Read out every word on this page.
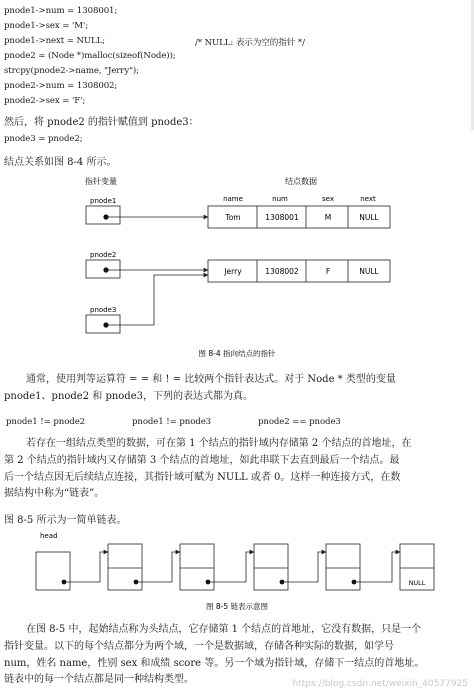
pnode1->num = 1308001;
pnode1->sex = 'M';
pnode1->next = NULL;	/* NULL: 表示为空的指针 */
pnode2 = (Node *)malloc(sizeof(Node));
strcpy(pnode2->name, "Jerry");
pnode2->num = 1308002;
pnode2->sex = 'F';
然后，将 pnode2 的指针赋值到 pnode3：
pnode3 = pnode2;
结点关系如图 8-4 所示。
指针变量	结点数据
name	num	sex	next
pnode1
Tom	1308001	M	NULL
pnode2
Jerry	1308002	F	NULL
pnode3
图 8-4 指向结点的指针
通常，使用判等运算符 = = 和 ! = 比较两个指针表达式。对于 Node * 类型的变量
pnode1、pnode2 和 pnode3，下列的表达式都为真。
pnode1 != pnode2	pnode1 != pnode3	pnode2 == pnode3
若存在一组结点类型的数据，可在第 1 个结点的指针域内存储第 2 个结点的首地址，在
第 2 个结点的指针域内又存储第 3 个结点的首地址，如此串联下去直到最后一个结点。最
后一个结点因无后续结点连接，其指针域可赋为 NULL 或者 0。这样一种连接方式，在数
据结构中称为“链表”。
图 8-5 所示为一简单链表。
head
NULL
图 8-5 链表示意图
在图 8-5 中，起始结点称为头结点，它存储第 1 个结点的首地址，它没有数据，只是一个
指针变量。以下的每个结点都分为两个域，一个是数据域，存储各种实际的数据，如学号
num，姓名 name，性别 sex 和成绩 score 等。另一个域为指针域，存储下一结点的首地址。
链表中的每一个结点都是同一种结构类型。	https://blog.csdn.net/weixin_40577925
